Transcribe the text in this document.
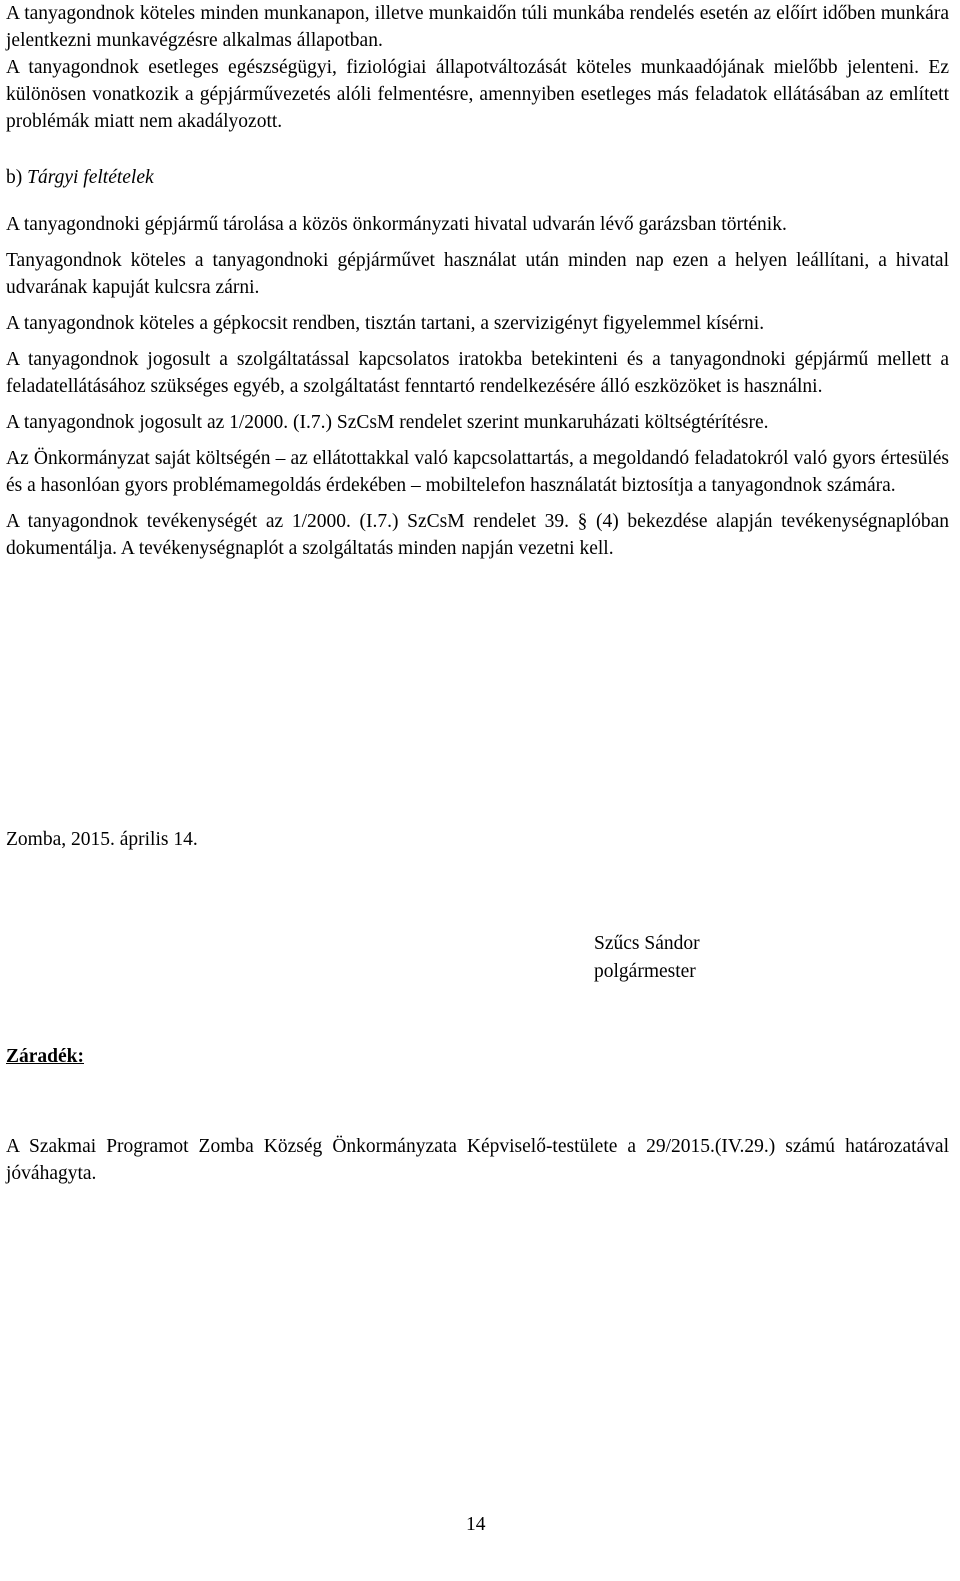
A tanyagondnok köteles minden munkanapon, illetve munkaidőn túli munkába rendelés esetén az előírt időben munkára jelentkezni munkavégzésre alkalmas állapotban.

A tanyagondnok esetleges egészségügyi, fiziológiai állapotváltozását köteles munkaadójának mielőbb jelenteni. Ez különösen vonatkozik a gépjárművezetés alóli felmentésre, amennyiben esetleges más feladatok ellátásában az említett problémák miatt nem akadályozott.

b) Tárgyi feltételek

A tanyagondnoki gépjármű tárolása a közös önkormányzati hivatal udvarán lévő garázsban történik.

Tanyagondnok köteles a tanyagondnoki gépjárművet használat után minden nap ezen a helyen leállítani, a hivatal udvarának kapuját kulcsra zárni.

A tanyagondnok köteles a gépkocsit rendben, tisztán tartani, a szervizigényt figyelemmel kísérni.

A tanyagondnok jogosult a szolgáltatással kapcsolatos iratokba betekinteni és a tanyagondnoki gépjármű mellett a feladatellátásához szükséges egyéb, a szolgáltatást fenntartó rendelkezésére álló eszközöket is használni.

A tanyagondnok jogosult az 1/2000. (I.7.) SzCsM rendelet szerint munkaruházati költségtérítésre.

Az Önkormányzat saját költségén – az ellátottakkal való kapcsolattartás, a megoldandó feladatokról való gyors értesülés és a hasonlóan gyors problémamegoldás érdekében – mobiltelefon használatát biztosítja a tanyagondnok számára.

A tanyagondnok tevékenységét az 1/2000. (I.7.) SzCsM rendelet 39. § (4) bekezdése alapján tevékenységnaplóban dokumentálja. A tevékenységnaplót a szolgáltatás minden napján vezetni kell.

Zomba, 2015. április 14.
Szűcs Sándor
polgármester
Záradék:

A Szakmai Programot Zomba Község Önkormányzata Képviselő-testülete a 29/2015.(IV.29.) számú határozatával jóváhagyta.

14
